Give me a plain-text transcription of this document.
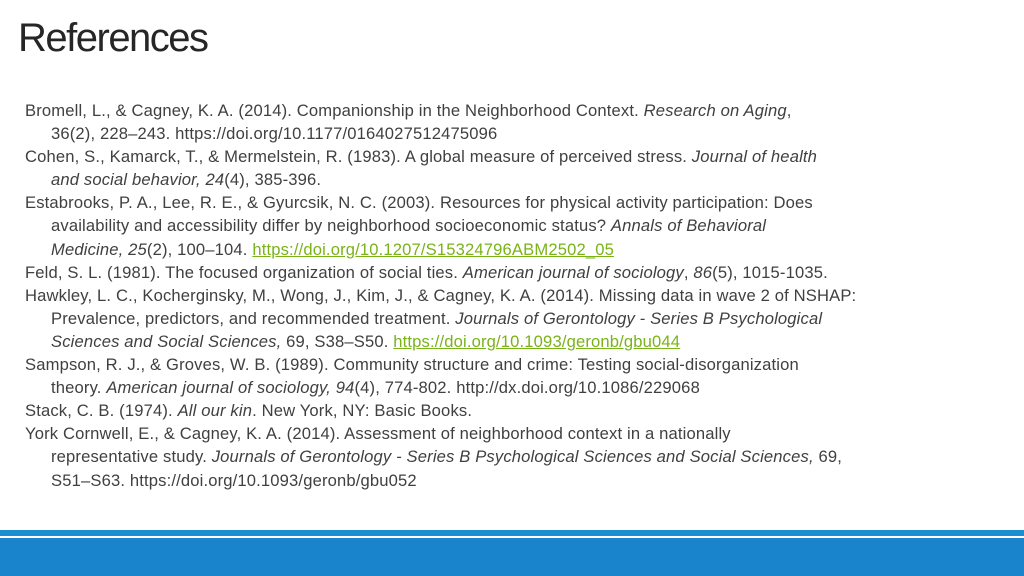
References
Bromell, L., & Cagney, K. A. (2014). Companionship in the Neighborhood Context. Research on Aging,
36(2), 228–243. https://doi.org/10.1177/0164027512475096
Cohen, S., Kamarck, T., & Mermelstein, R. (1983). A global measure of perceived stress. Journal of health
and social behavior, 24(4), 385-396.
Estabrooks, P. A., Lee, R. E., & Gyurcsik, N. C. (2003). Resources for physical activity participation: Does
availability and accessibility differ by neighborhood socioeconomic status? Annals of Behavioral
Medicine, 25(2), 100–104. https://doi.org/10.1207/S15324796ABM2502_05
Feld, S. L. (1981). The focused organization of social ties. American journal of sociology, 86(5), 1015-1035.
Hawkley, L. C., Kocherginsky, M., Wong, J., Kim, J., & Cagney, K. A. (2014). Missing data in wave 2 of NSHAP:
Prevalence, predictors, and recommended treatment. Journals of Gerontology - Series B Psychological
Sciences and Social Sciences, 69, S38–S50. https://doi.org/10.1093/geronb/gbu044
Sampson, R. J., & Groves, W. B. (1989). Community structure and crime: Testing social-disorganization
theory. American journal of sociology, 94(4), 774-802. http://dx.doi.org/10.1086/229068
Stack, C. B. (1974). All our kin. New York, NY: Basic Books.
York Cornwell, E., & Cagney, K. A. (2014). Assessment of neighborhood context in a nationally
representative study. Journals of Gerontology - Series B Psychological Sciences and Social Sciences, 69,
S51–S63. https://doi.org/10.1093/geronb/gbu052
